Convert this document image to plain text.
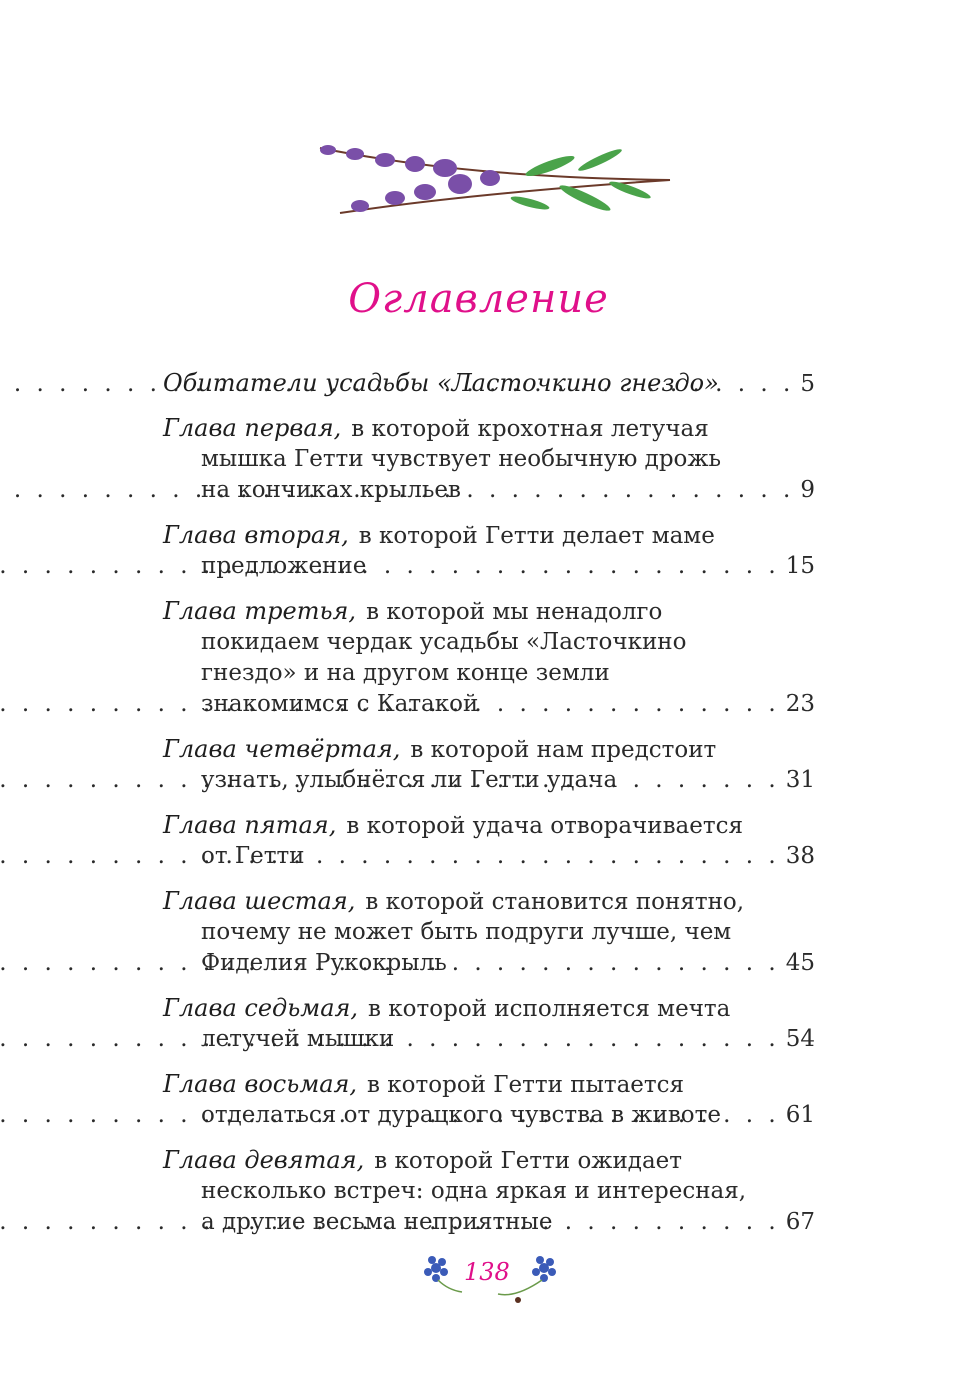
Оглавление
Обитатели усадьбы «Ласточкино гнездо» . . .	5
Глава первая, в которой крохотная летучая
мышка Гетти чувствует необычную дрожь
на кончиках крыльев . . .	9
Глава вторая, в которой Гетти делает маме
предложение . . .	15
Глава третья, в которой мы ненадолго
покидаем чердак усадьбы «Ласточкино
гнездо» и на другом конце земли
знакомимся с Катакой . . .	23
Глава четвёртая, в которой нам предстоит
узнать, улыбнётся ли Гетти удача . . .	31
Глава пятая, в которой удача отворачивается
от Гетти . . .	38
Глава шестая, в которой становится понятно,
почему не может быть подруги лучше, чем
Фиделия Рукокрыль . . .	45
Глава седьмая, в которой исполняется мечта
летучей мышки . . .	54
Глава восьмая, в которой Гетти пытается
отделаться от дурацкого чувства в животе . . .	61
Глава девятая, в которой Гетти ожидает
несколько встреч: одна яркая и интересная,
а другие весьма неприятные . . .	67
138
